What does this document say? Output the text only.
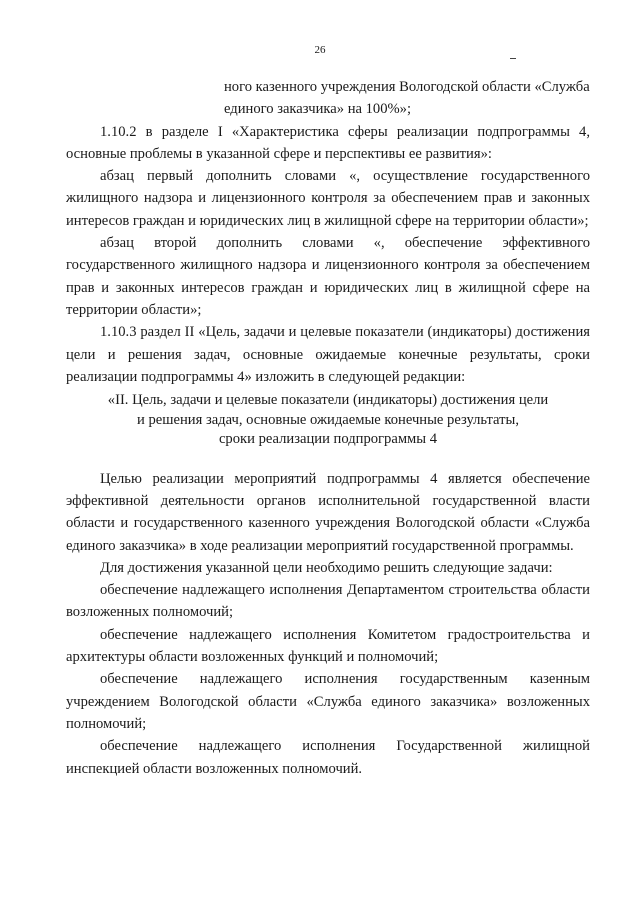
26
ного казенного учреждения Вологодской области «Служба
единого заказчика» на 100%»;

1.10.2 в разделе I «Характеристика сферы реализации подпрограммы 4, основные проблемы в указанной сфере и перспективы ее развития»:

абзац первый дополнить словами «, осуществление государственного жилищного надзора и лицензионного контроля за обеспечением прав и законных интересов граждан и юридических лиц в жилищной сфере на территории области»;

абзац второй дополнить словами «, обеспечение эффективного государственного жилищного надзора и лицензионного контроля за обеспечением прав и законных интересов граждан и юридических лиц в жилищной сфере на территории области»;

1.10.3 раздел II «Цель, задачи и целевые показатели (индикаторы) достижения цели и решения задач, основные ожидаемые конечные результаты, сроки реализации подпрограммы 4» изложить в следующей редакции:

«II. Цель, задачи и целевые показатели (индикаторы) достижения цели
и решения задач, основные ожидаемые конечные результаты,
сроки реализации подпрограммы 4

Целью реализации мероприятий подпрограммы 4 является обеспечение эффективной деятельности органов исполнительной государственной власти области и государственного казенного учреждения Вологодской области «Служба единого заказчика» в ходе реализации мероприятий государственной программы.

Для достижения указанной цели необходимо решить следующие задачи:

обеспечение надлежащего исполнения Департаментом строительства области возложенных полномочий;

обеспечение надлежащего исполнения Комитетом градостроительства и архитектуры области возложенных функций и полномочий;

обеспечение надлежащего исполнения государственным казенным учреждением Вологодской области «Служба единого заказчика» возложенных полномочий;

обеспечение надлежащего исполнения Государственной жилищной
инспекцией области возложенных полномочий.
